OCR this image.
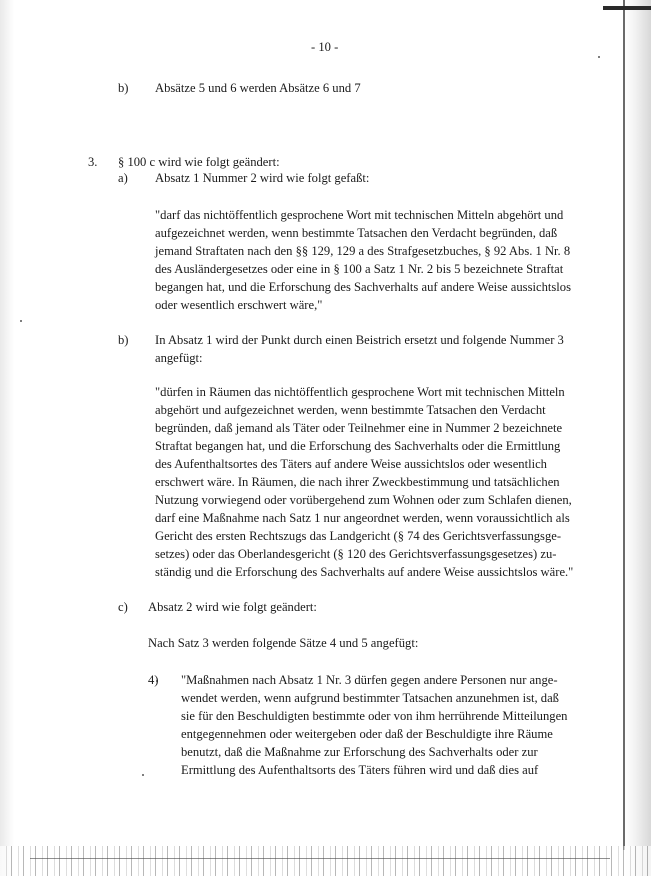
- 10 -
b) Absätze 5 und 6 werden Absätze 6 und 7
3. § 100 c wird wie folgt geändert:
a) Absatz 1 Nummer 2 wird wie folgt gefaßt:
"darf das nichtöffentlich gesprochene Wort mit technischen Mitteln abgehört und
aufgezeichnet werden, wenn bestimmte Tatsachen den Verdacht begründen, daß
jemand Straftaten nach den §§ 129, 129 a des Strafgesetzbuches, § 92 Abs. 1 Nr. 8
des Ausländergesetzes oder eine in § 100 a Satz 1 Nr. 2 bis 5 bezeichnete Straftat
begangen hat, und die Erforschung des Sachverhalts auf andere Weise aussichtslos
oder wesentlich erschwert wäre,"
b) In Absatz 1 wird der Punkt durch einen Beistrich ersetzt und folgende Nummer 3
angefügt:
"dürfen in Räumen das nichtöffentlich gesprochene Wort mit technischen Mitteln
abgehört und aufgezeichnet werden, wenn bestimmte Tatsachen den Verdacht
begründen, daß jemand als Täter oder Teilnehmer eine in Nummer 2 bezeichnete
Straftat begangen hat, und die Erforschung des Sachverhalts oder die Ermittlung
des Aufenthaltsortes des Täters auf andere Weise aussichtslos oder wesentlich
erschwert wäre. In Räumen, die nach ihrer Zweckbestimmung und tatsächlichen
Nutzung vorwiegend oder vorübergehend zum Wohnen oder zum Schlafen dienen,
darf eine Maßnahme nach Satz 1 nur angeordnet werden, wenn voraussichtlich als
Gericht des ersten Rechtszugs das Landgericht (§ 74 des Gerichtsverfassungsge-
setzes) oder das Oberlandesgericht (§ 120 des Gerichtsverfassungsgesetzes) zu-
ständig und die Erforschung des Sachverhalts auf andere Weise aussichtslos wäre."
c) Absatz 2 wird wie folgt geändert:
Nach Satz 3 werden folgende Sätze 4 und 5 angefügt:
4) "Maßnahmen nach Absatz 1 Nr. 3 dürfen gegen andere Personen nur ange-
wendet werden, wenn aufgrund bestimmter Tatsachen anzunehmen ist, daß
sie für den Beschuldigten bestimmte oder von ihm herrührende Mitteilungen
entgegennehmen oder weitergeben oder daß der Beschuldigte ihre Räume
benutzt, daß die Maßnahme zur Erforschung des Sachverhalts oder zur
Ermittlung des Aufenthaltsorts des Täters führen wird und daß dies auf
